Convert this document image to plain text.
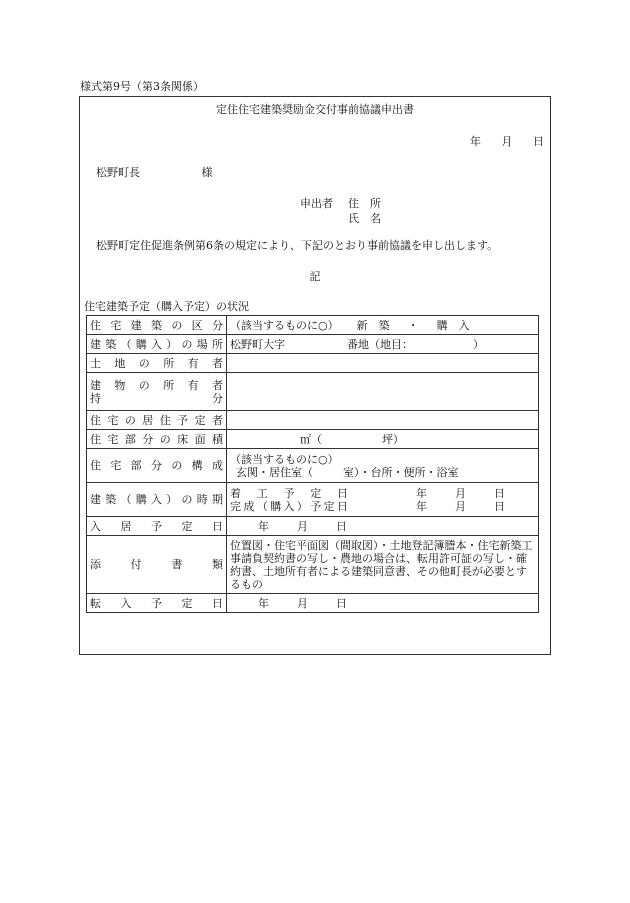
様式第9号（第3条関係）
定住住宅建築奨励金交付事前協議申出書
年 月 日
松野町長	様
申出者 住　所
氏　名
松野町定住促進条例第6条の規定により、下記のとおり事前協議を申し出します。
記
住宅建築予定（購入予定）の状況
住宅建築の区分	（該当するものに○） 新　築 ・ 購　入
建築（購入）の場所	松野町大字 番地（地目： ）
土地の所有者	

建物の所有者
持分	

住宅の居住予定者	
住宅部分の床面積	㎡（ 坪）
住宅部分の構成	（該当するものに○）
玄関・居住室（ 室）・台所・便所・浴室

建築（購入）の時期	着工予定日 年 月 日
完成（購入）予定日 年 月 日

入居予定日	年 月 日
添付書類	位置図・住宅平面図（間取図）・土地登記簿謄本・住宅新築工事請負契約書の写し・農地の場合は、転用許可証の写し・確約書、土地所有者による建築同意書、その他町長が必要とするもの
転入予定日	年 月 日
